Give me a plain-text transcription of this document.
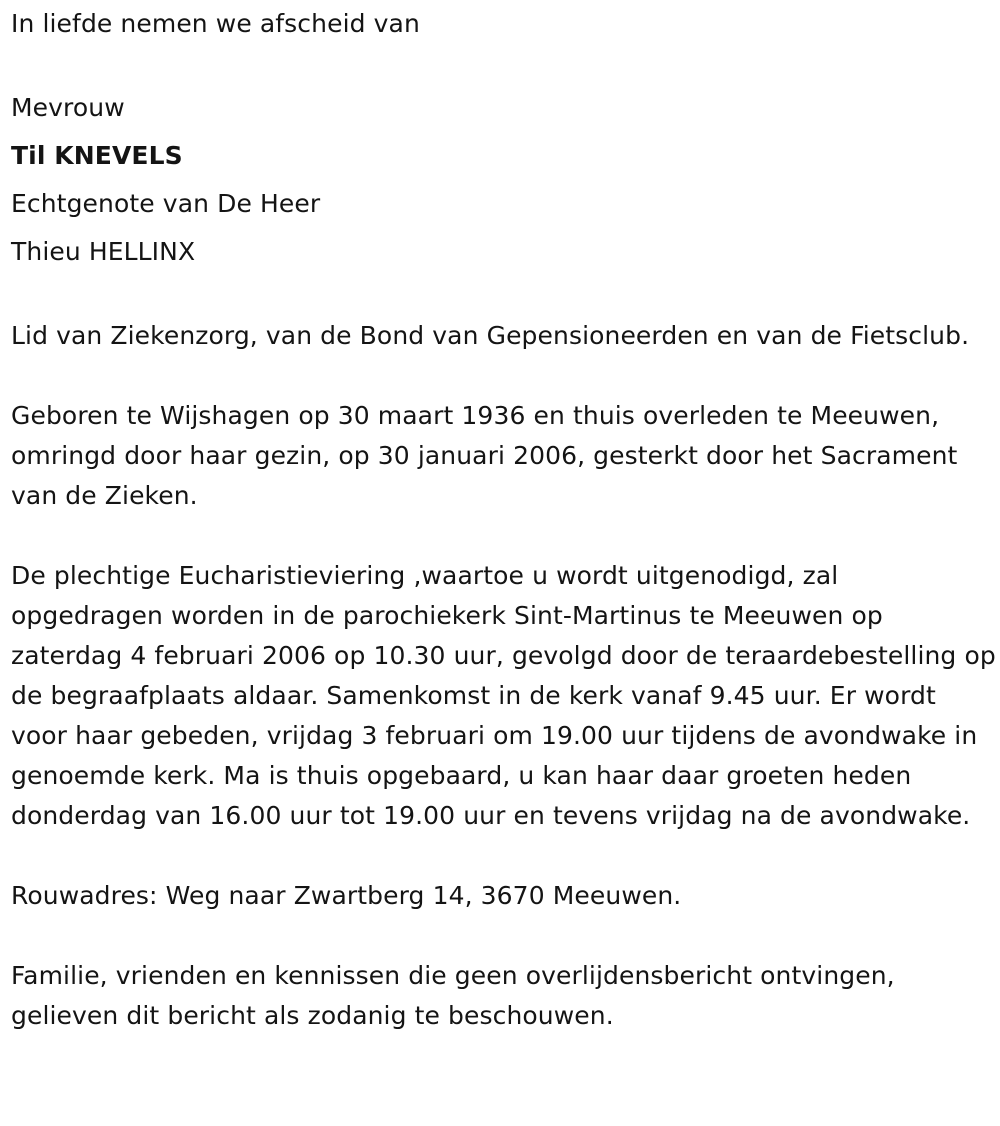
In liefde nemen we afscheid van

Mevrouw

Til KNEVELS

Echtgenote van De Heer

Thieu HELLINX

Lid van Ziekenzorg, van de Bond van Gepensioneerden en van de Fietsclub.

Geboren te Wijshagen op 30 maart 1936 en thuis overleden te Meeuwen, omringd door haar gezin, op 30 januari 2006, gesterkt door het Sacrament van de Zieken.

De plechtige Eucharistieviering ,waartoe u wordt uitgenodigd, zal opgedragen worden in de parochiekerk Sint-Martinus te Meeuwen op zaterdag 4 februari 2006 op 10.30 uur, gevolgd door de teraardebestelling op de begraafplaats aldaar. Samenkomst in de kerk vanaf 9.45 uur. Er wordt voor haar gebeden, vrijdag 3 februari om 19.00 uur tijdens de avondwake in genoemde kerk. Ma is thuis opgebaard, u kan haar daar groeten heden donderdag van 16.00 uur tot 19.00 uur en tevens vrijdag na de avondwake.

Rouwadres: Weg naar Zwartberg 14, 3670 Meeuwen.

Familie, vrienden en kennissen die geen overlijdensbericht ontvingen, gelieven dit bericht als zodanig te beschouwen.
